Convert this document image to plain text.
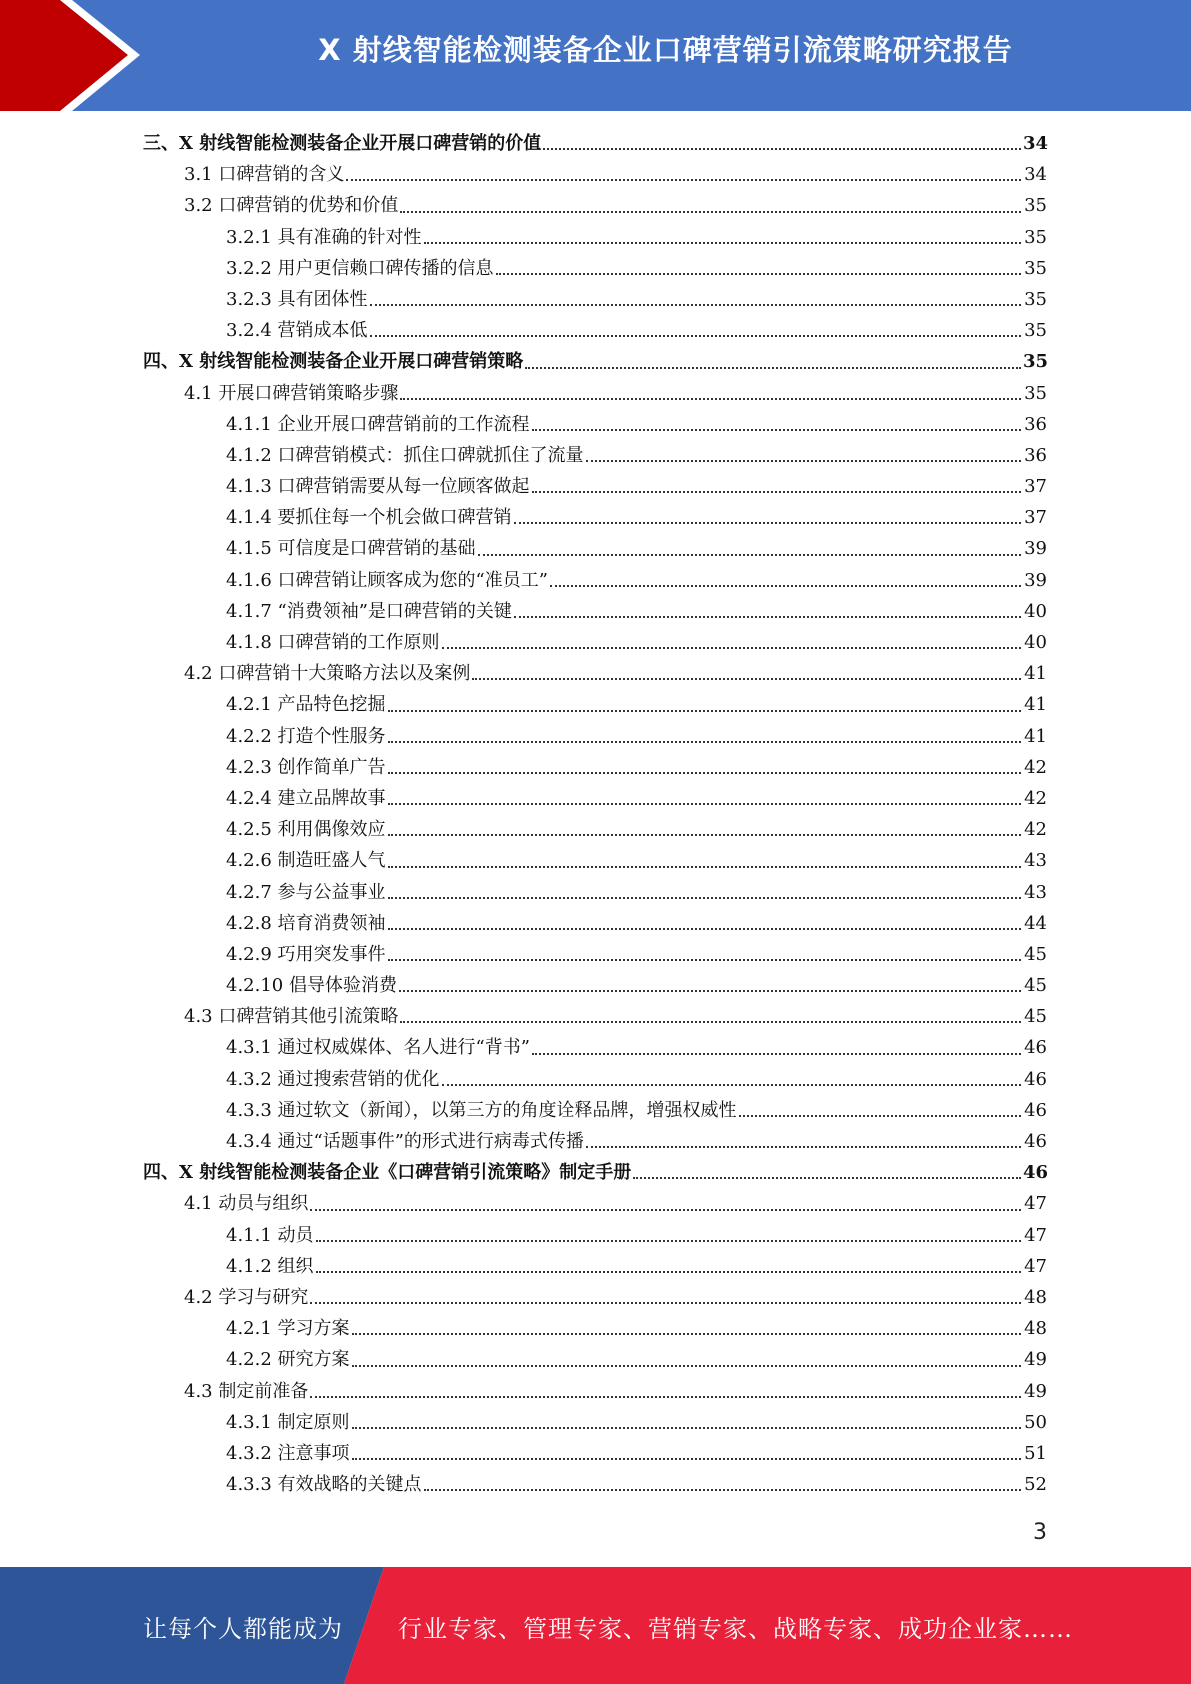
X 射线智能检测装备企业口碑营销引流策略研究报告
三、X 射线智能检测装备企业开展口碑营销的价值	34
3.1 口碑营销的含义	34
3.2 口碑营销的优势和价值	35
3.2.1 具有准确的针对性	35
3.2.2 用户更信赖口碑传播的信息	35
3.2.3 具有团体性	35
3.2.4 营销成本低	35
四、X 射线智能检测装备企业开展口碑营销策略	35
4.1 开展口碑营销策略步骤	35
4.1.1 企业开展口碑营销前的工作流程	36
4.1.2 口碑营销模式：抓住口碑就抓住了流量	36
4.1.3 口碑营销需要从每一位顾客做起	37
4.1.4 要抓住每一个机会做口碑营销	37
4.1.5 可信度是口碑营销的基础	39
4.1.6 口碑营销让顾客成为您的“准员工”	39
4.1.7 “消费领袖”是口碑营销的关键	40
4.1.8 口碑营销的工作原则	40
4.2 口碑营销十大策略方法以及案例	41
4.2.1 产品特色挖掘	41
4.2.2 打造个性服务	41
4.2.3 创作简单广告	42
4.2.4 建立品牌故事	42
4.2.5 利用偶像效应	42
4.2.6 制造旺盛人气	43
4.2.7 参与公益事业	43
4.2.8 培育消费领袖	44
4.2.9 巧用突发事件	45
4.2.10 倡导体验消费	45
4.3 口碑营销其他引流策略	45
4.3.1 通过权威媒体、名人进行“背书”	46
4.3.2 通过搜索营销的优化	46
4.3.3 通过软文（新闻），以第三方的角度诠释品牌，增强权威性	46
4.3.4 通过“话题事件”的形式进行病毒式传播	46
四、X 射线智能检测装备企业《口碑营销引流策略》制定手册	46
4.1 动员与组织	47
4.1.1 动员	47
4.1.2 组织	47
4.2 学习与研究	48
4.2.1 学习方案	48
4.2.2 研究方案	49
4.3 制定前准备	49
4.3.1 制定原则	50
4.3.2 注意事项	51
4.3.3 有效战略的关键点	52
3
让每个人都能成为 行业专家、管理专家、营销专家、战略专家、成功企业家……
